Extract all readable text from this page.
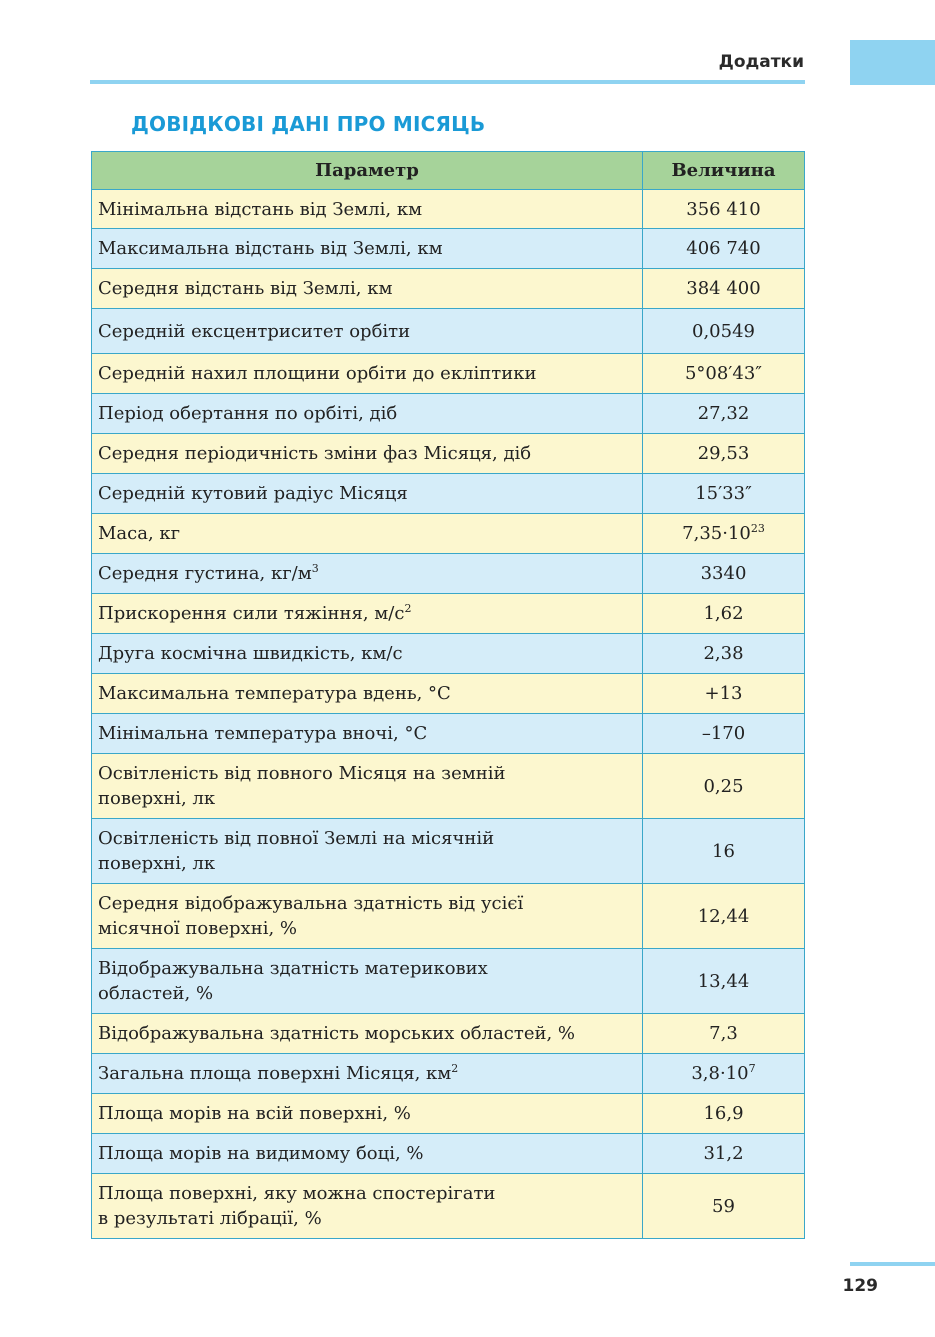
Додатки
ДОВІДКОВІ ДАНІ ПРО МІСЯЦЬ
Параметр	Величина
Мінімальна відстань від Землі, км	356 410
Максимальна відстань від Землі, км	406 740
Середня відстань від Землі, км	384 400
Середній ексцентриситет орбіти	0,0549
Середній нахил площини орбіти до екліптики	5°08′43″
Період обертання по орбіті, діб	27,32
Середня періодичність зміни фаз Місяця, діб	29,53
Середній кутовий радіус Місяця	15′33″
Маса, кг	$7,35\cdot 10^{23}$
Середня густина, $кг/м^3$	3340
Прискорення сили тяжіння, $м/с^2$	1,62
Друга космічна швидкість, км/с	2,38
Максимальна температура вдень, °С	+13
Мінімальна температура вночі, °С	–170
Освітленість від повного Місяця на земній
поверхні, лк	0,25
Освітленість від повної Землі на місячній
поверхні, лк	16
Середня відображувальна здатність від усієї
місячної поверхні, %	12,44
Відображувальна здатність материкових
областей, %	13,44
Відображувальна здатність морських областей, %	7,3
Загальна площа поверхні Місяця, $км^2$	$3,8\cdot 10^7$
Площа морів на всій поверхні, %	16,9
Площа морів на видимому боці, %	31,2
Площа поверхні, яку можна спостерігати
в результаті лібрації, %	59
129
